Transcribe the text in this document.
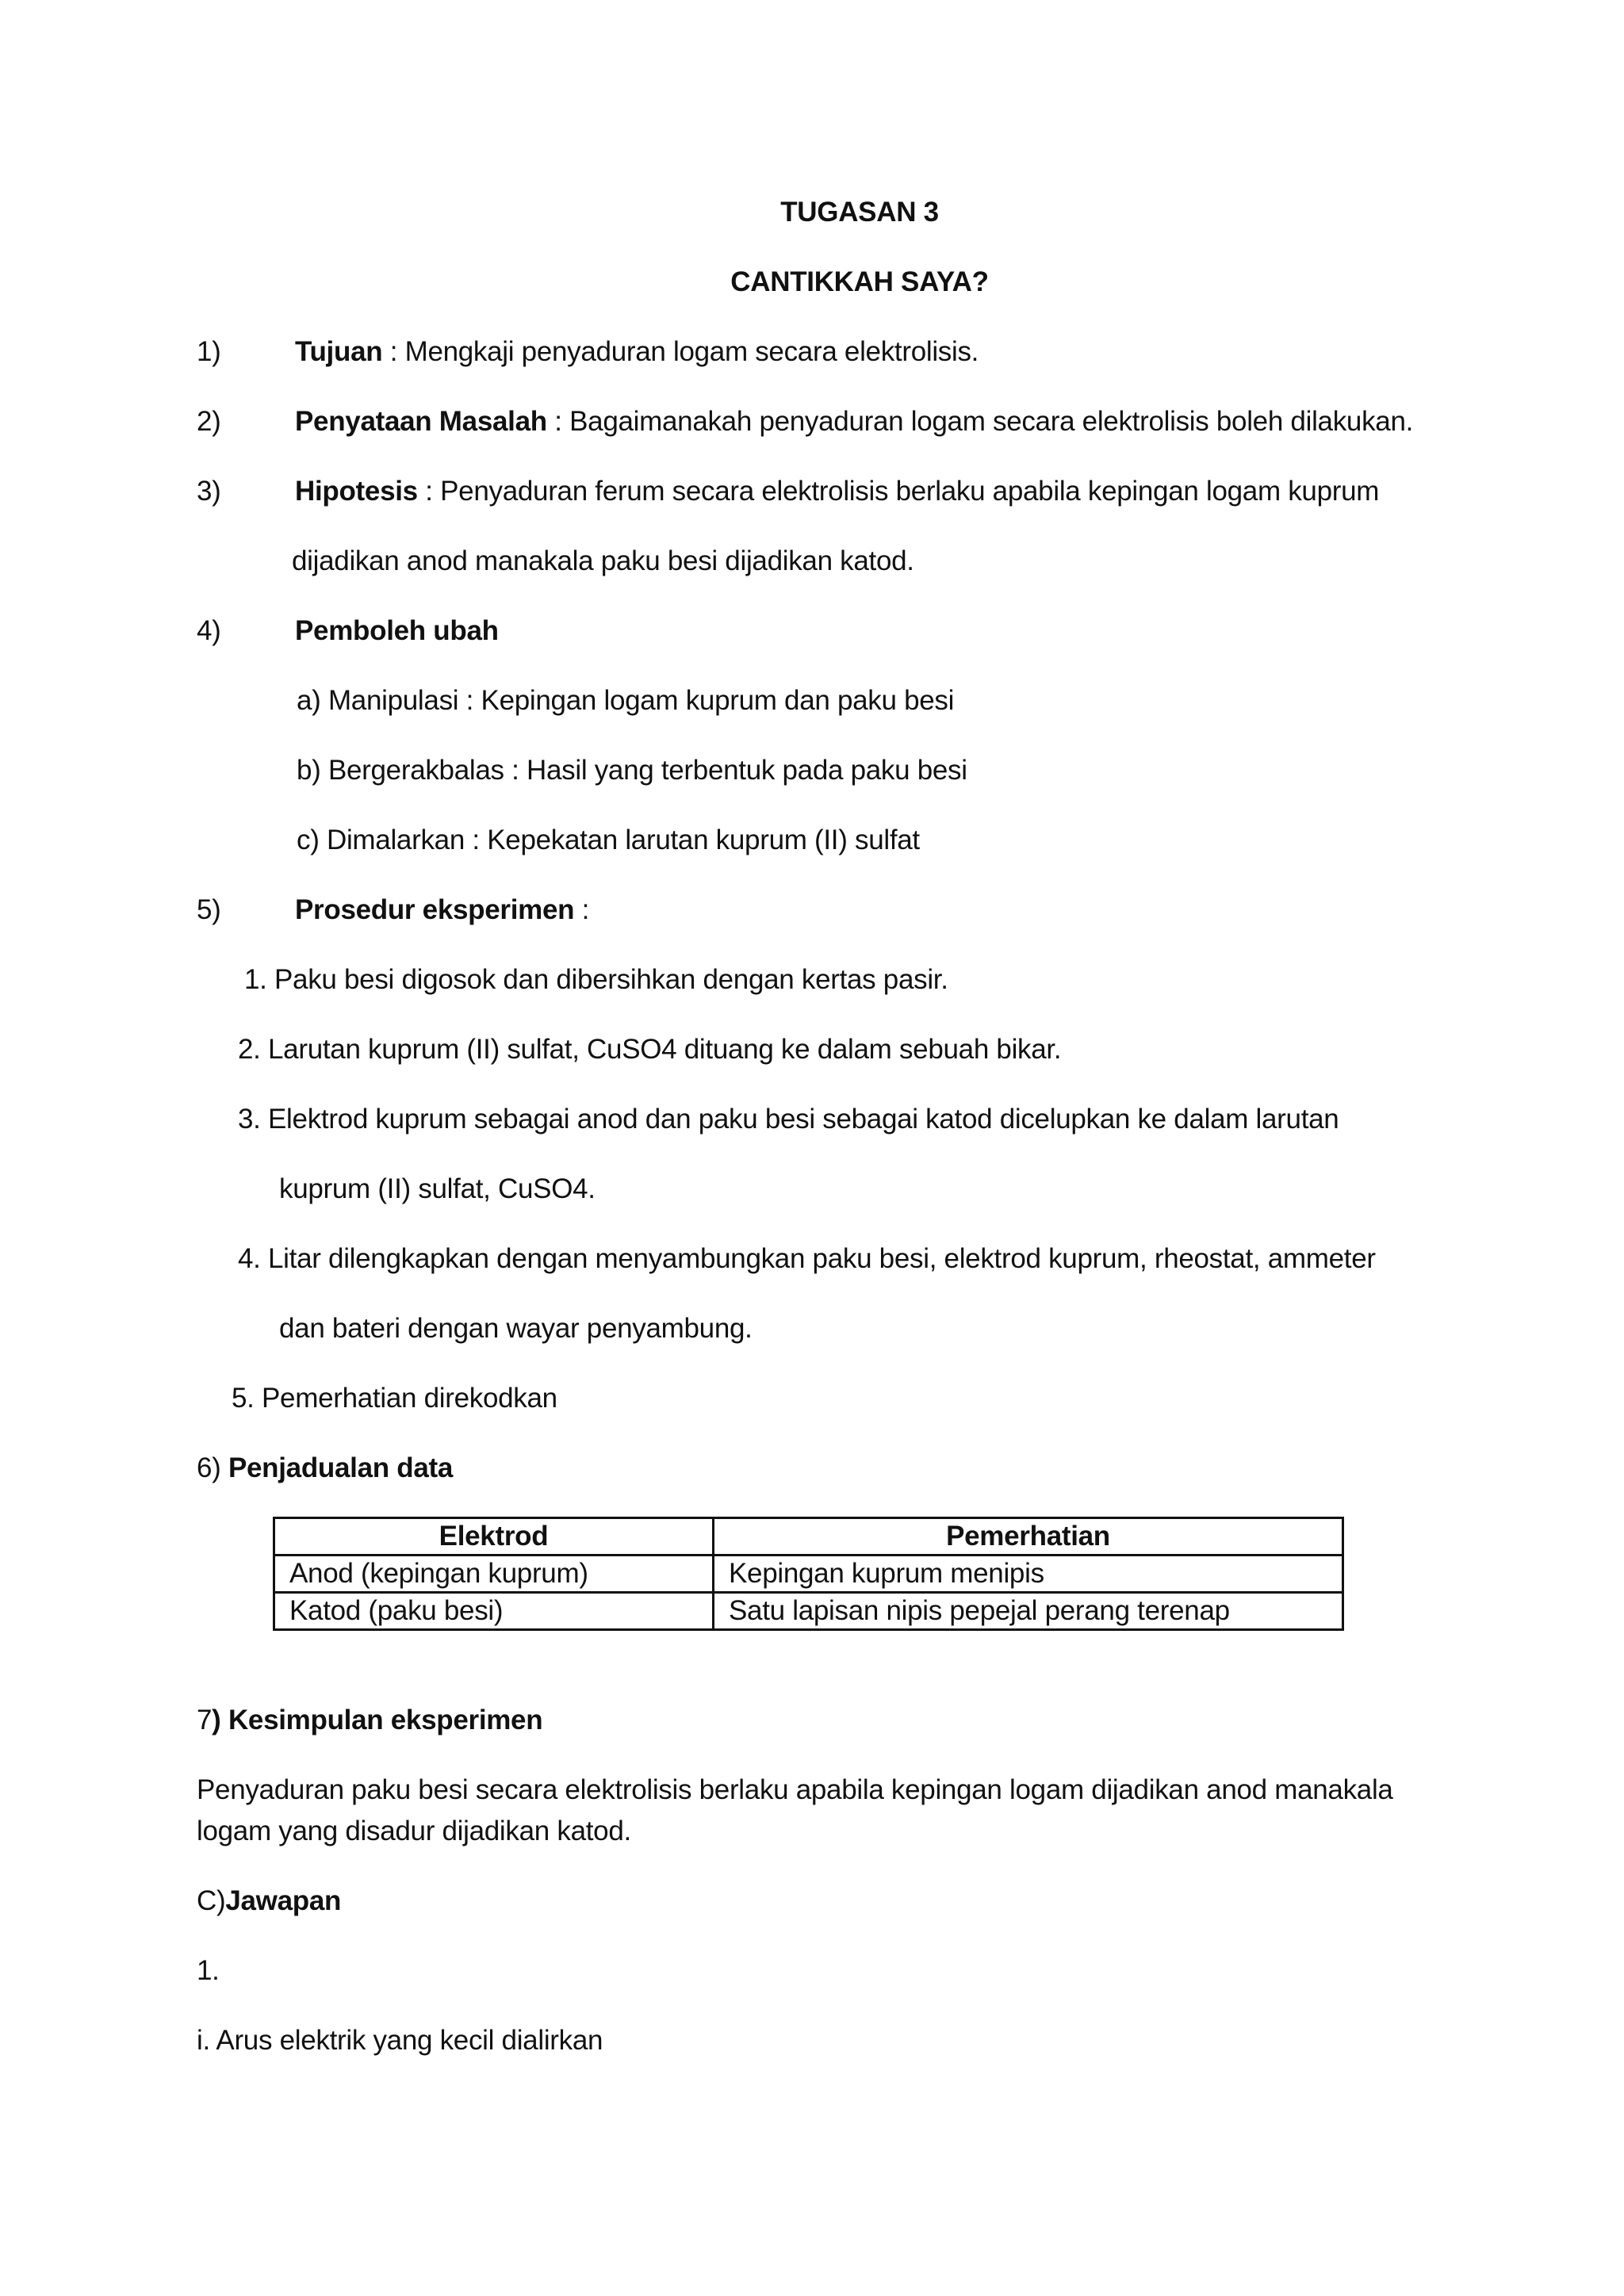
TUGASAN 3
CANTIKKAH SAYA?
1)	Tujuan : Mengkaji penyaduran logam secara elektrolisis.
2)	Penyataan Masalah : Bagaimanakah penyaduran logam secara elektrolisis boleh dilakukan.
3)	Hipotesis : Penyaduran ferum secara elektrolisis berlaku apabila kepingan logam kuprum
dijadikan anod manakala paku besi dijadikan katod.
4)	Pemboleh ubah
a) Manipulasi : Kepingan logam kuprum dan paku besi
b) Bergerakbalas : Hasil yang terbentuk pada paku besi
c) Dimalarkan : Kepekatan larutan kuprum (II) sulfat
5)	Prosedur eksperimen :
1. Paku besi digosok dan dibersihkan dengan kertas pasir.
2. Larutan kuprum (II) sulfat, CuSO4 dituang ke dalam sebuah bikar.
3. Elektrod kuprum sebagai anod dan paku besi sebagai katod dicelupkan ke dalam larutan
kuprum (II) sulfat, CuSO4.
4. Litar dilengkapkan dengan menyambungkan paku besi, elektrod kuprum, rheostat, ammeter
dan bateri dengan wayar penyambung.
5. Pemerhatian direkodkan
6) Penjadualan data
Elektrod	Pemerhatian
Anod (kepingan kuprum)	Kepingan kuprum menipis
Katod (paku besi)	Satu lapisan nipis pepejal perang terenap
7) Kesimpulan eksperimen
Penyaduran paku besi secara elektrolisis berlaku apabila kepingan logam dijadikan anod manakala
logam yang disadur dijadikan katod.
C)Jawapan
1.
i. Arus elektrik yang kecil dialirkan
